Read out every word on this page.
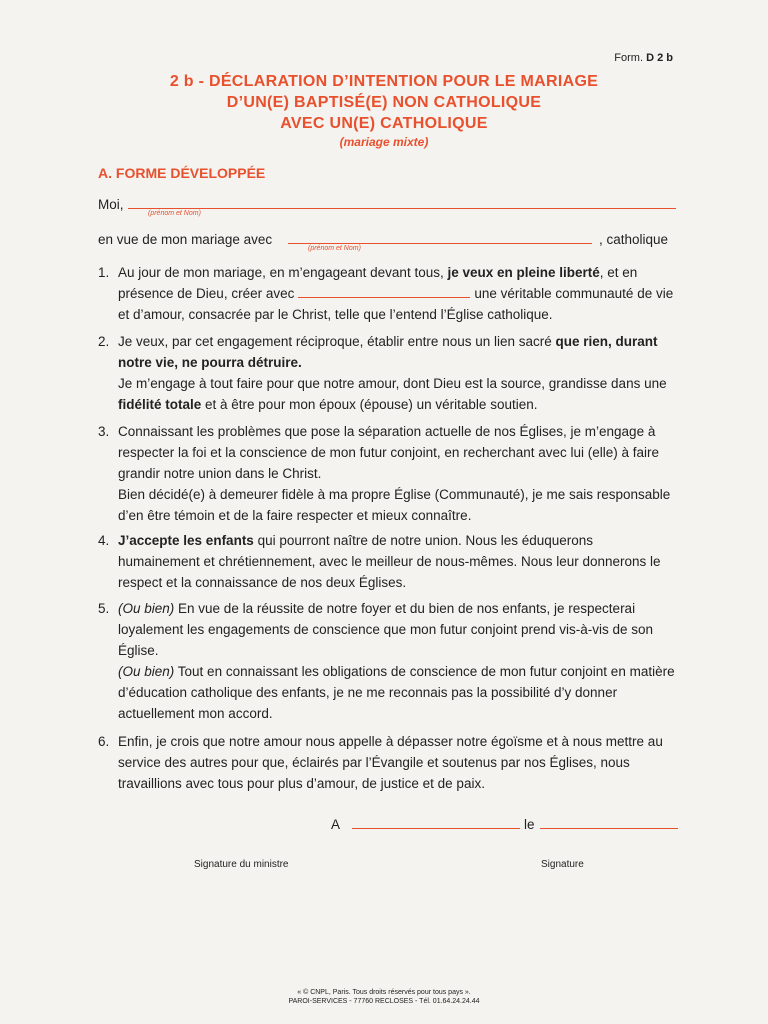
Form. D 2 b
2 b - DÉCLARATION D’INTENTION POUR LE MARIAGE
D’UN(E) BAPTISÉ(E) NON CATHOLIQUE
AVEC UN(E) CATHOLIQUE
(mariage mixte)
A. FORME DÉVELOPPÉE
Moi,
(prénom et Nom)
en vue de mon mariage avec
(prénom et Nom)
, catholique
1. Au jour de mon mariage, en m’engageant devant tous, je veux en pleine liberté, et en présence de Dieu, créer avec	une véritable communauté de vie et d’amour, consacrée par le Christ, telle que l’entend l’Église catholique.
2. Je veux, par cet engagement réciproque, établir entre nous un lien sacré que rien, durant notre vie, ne pourra détruire.

Je m’engage à tout faire pour que notre amour, dont Dieu est la source, grandisse dans une fidélité totale et à être pour mon époux (épouse) un véritable soutien.

3. Connaissant les problèmes que pose la séparation actuelle de nos Églises, je m’engage à respecter la foi et la conscience de mon futur conjoint, en recherchant avec lui (elle) à faire grandir notre union dans le Christ.

Bien décidé(e) à demeurer fidèle à ma propre Église (Communauté), je me sais responsable d’en être témoin et de la faire respecter et mieux connaître.

4. J’accepte les enfants qui pourront naître de notre union. Nous les éduquerons humainement et chrétiennement, avec le meilleur de nous-mêmes. Nous leur donnerons le respect et la connaissance de nos deux Églises.
5. (Ou bien) En vue de la réussite de notre foyer et du bien de nos enfants, je respecterai loyalement les engagements de conscience que mon futur conjoint prend vis-à-vis de son Église.

(Ou bien) Tout en connaissant les obligations de conscience de mon futur conjoint en matière d’éducation catholique des enfants, je ne me reconnais pas la possibilité d’y donner actuellement mon accord.

6. Enfin, je crois que notre amour nous appelle à dépasser notre égoïsme et à nous mettre au service des autres pour que, éclairés par l’Évangile et soutenus par nos Églises, nous travaillions avec tous pour plus d’amour, de justice et de paix.
A	le
Signature du ministre	Signature
« © CNPL, Paris. Tous droits réservés pour tous pays ».
PAROI-SERVICES - 77760 RECLOSES - Tél. 01.64.24.24.44
